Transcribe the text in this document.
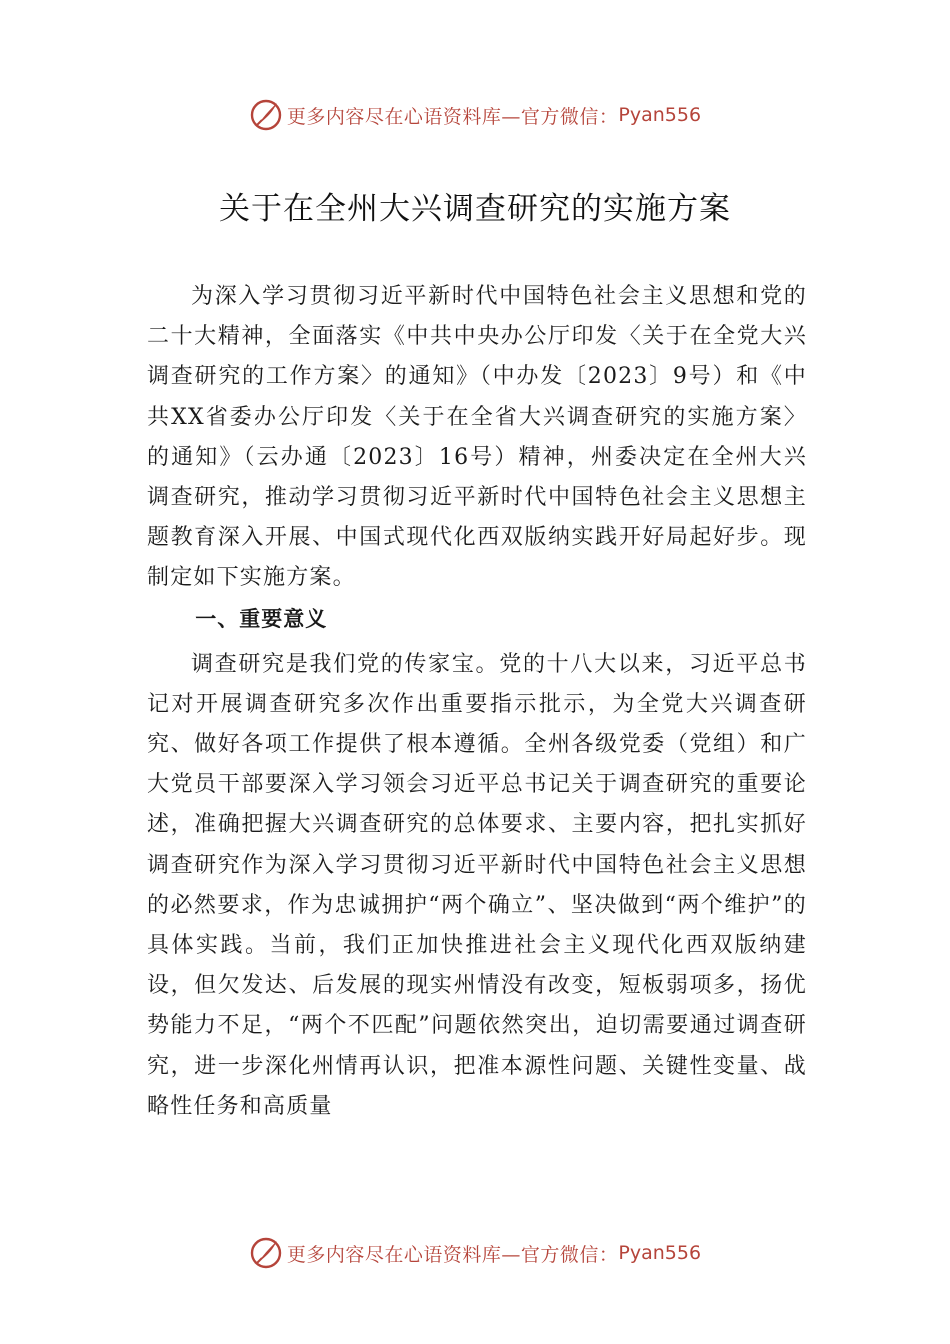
更多内容尽在心语资料库—官方微信： Pyan556
关于在全州大兴调查研究的实施方案

为深入学习贯彻习近平新时代中国特色社会主义思想和党的二十大精神，全面落实《中共中央办公厅印发〈关于在全党大兴调查研究的工作方案〉的通知》（中办发〔2023〕9号）和《中共XX省委办公厅印发〈关于在全省大兴调查研究的实施方案〉的通知》（云办通〔2023〕16号）精神，州委决定在全州大兴调查研究，推动学习贯彻习近平新时代中国特色社会主义思想主题教育深入开展、中国式现代化西双版纳实践开好局起好步。现制定如下实施方案。

一、重要意义

调查研究是我们党的传家宝。党的十八大以来，习近平总书记对开展调查研究多次作出重要指示批示，为全党大兴调查研究、做好各项工作提供了根本遵循。全州各级党委（党组）和广大党员干部要深入学习领会习近平总书记关于调查研究的重要论述，准确把握大兴调查研究的总体要求、主要内容，把扎实抓好调查研究作为深入学习贯彻习近平新时代中国特色社会主义思想的必然要求，作为忠诚拥护“两个确立”、坚决做到“两个维护”的具体实践。当前，我们正加快推进社会主义现代化西双版纳建设，但欠发达、后发展的现实州情没有改变，短板弱项多，扬优势能力不足，“两个不匹配”问题依然突出，迫切需要通过调查研究，进一步深化州情再认识，把准本源性问题、关键性变量、战略性任务和高质量

更多内容尽在心语资料库—官方微信： Pyan556
